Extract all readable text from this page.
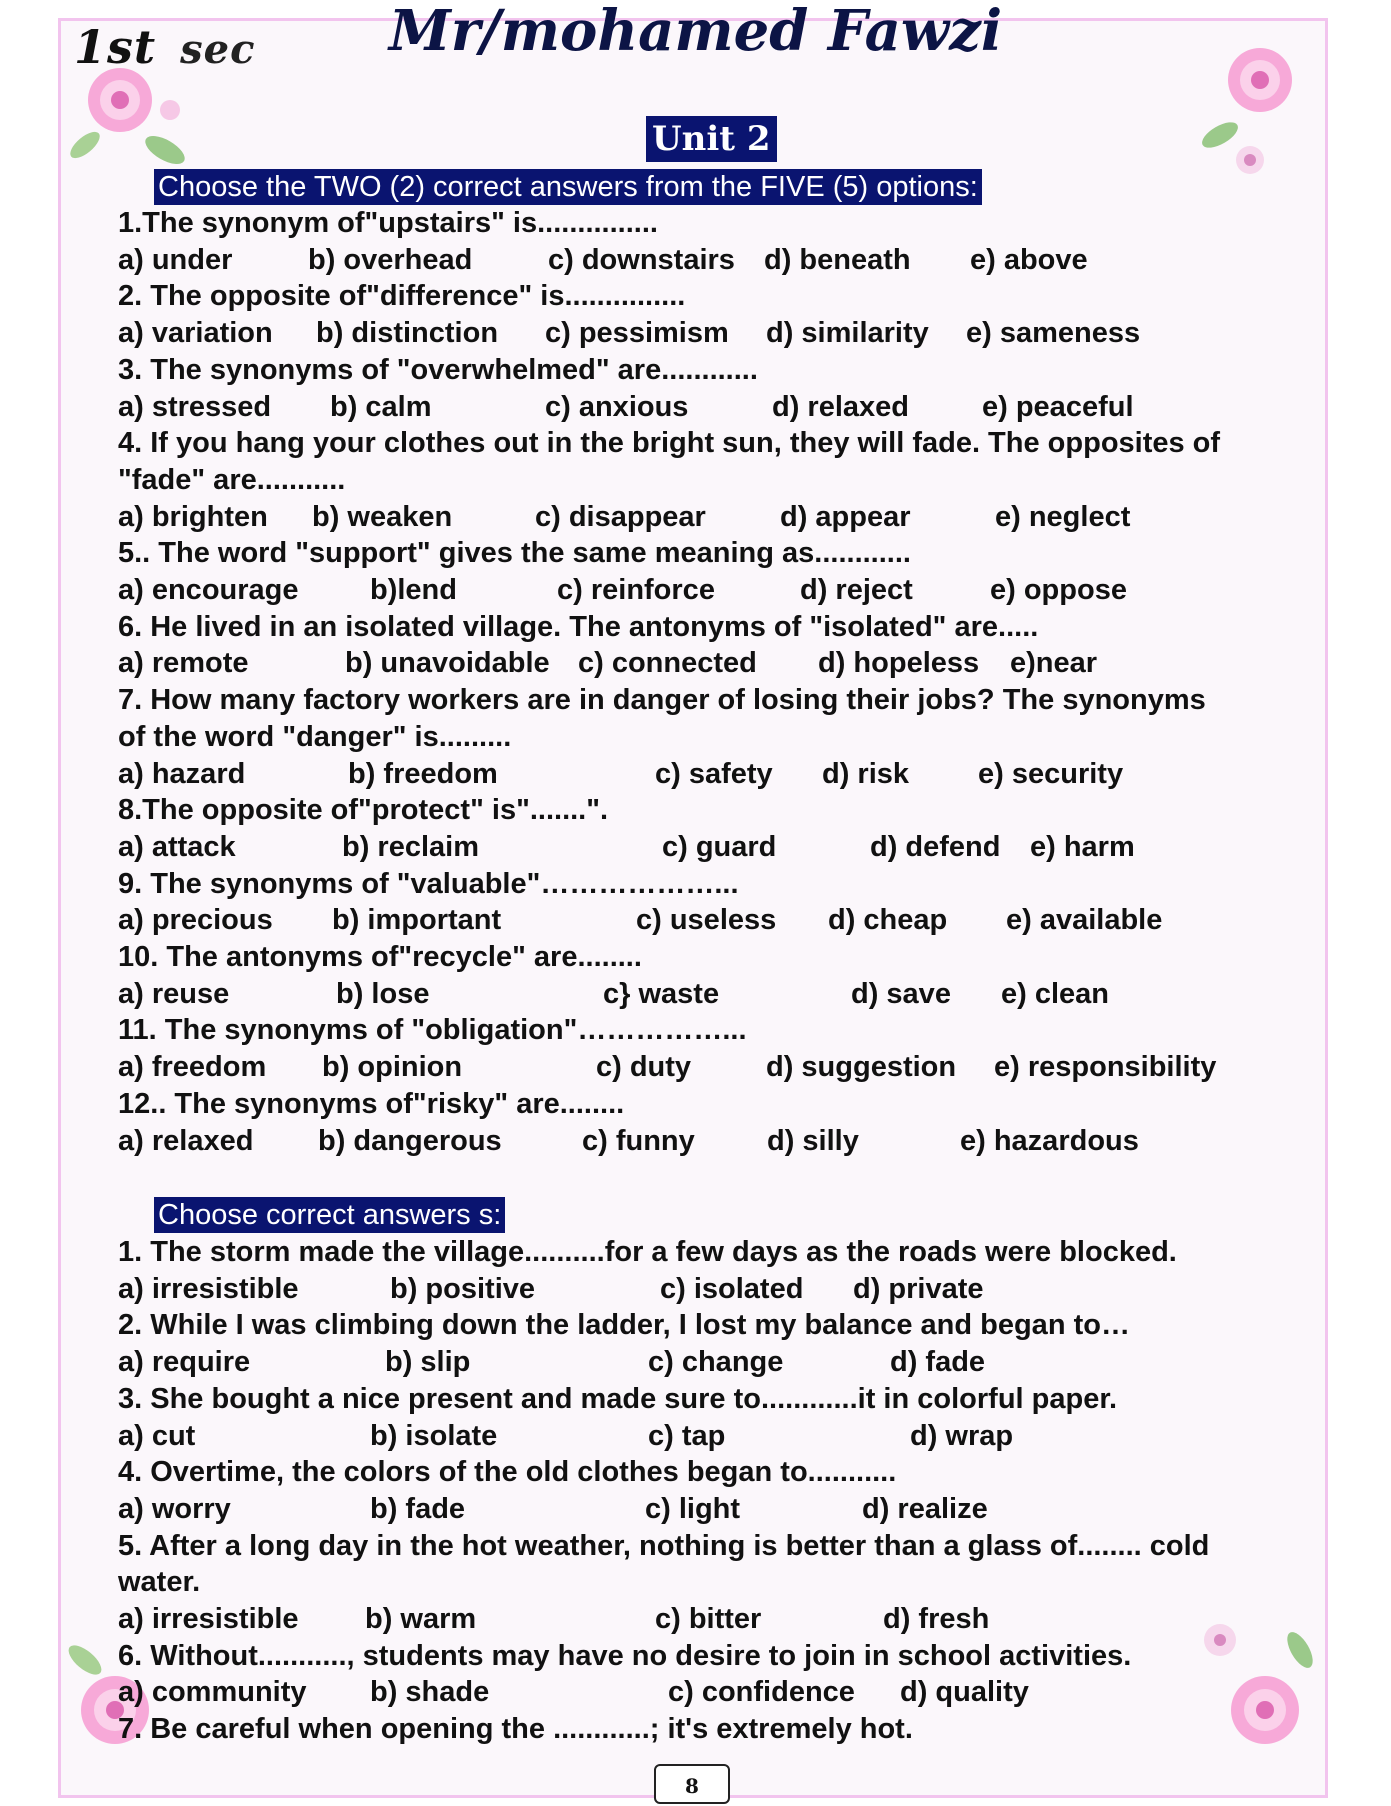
1st sec	Mr/mohamed Fawzi
Unit 2
Choose the TWO (2) correct answers from the FIVE (5) options:
1.The synonym of"upstairs" is...............
a) under	b) overhead	c) downstairs d) beneath e) above
2. The opposite of"difference" is...............
a) variation b) distinction c) pessimism d) similarity e) sameness
3. The synonyms of "overwhelmed" are............
a) stressed b) calm	c) anxious	d) relaxed	e) peaceful
4. If you hang your clothes out in the bright sun, they will fade. The opposites of
"fade" are...........
a) brighten b) weaken	c) disappear	d) appear	e) neglect
5.. The word "support" gives the same meaning as............
a) encourage b)lend	c) reinforce	d) reject	e) oppose
6. He lived in an isolated village. The antonyms of "isolated" are.....
a) remote	b) unavoidable c) connected d) hopeless e)near
7. How many factory workers are in danger of losing their jobs? The synonyms
of the word "danger" is.........
a) hazard	b) freedom	c) safety d) risk e) security
8.The opposite of"protect" is".......".
a) attack	b) reclaim	c) guard	d) defend e) harm
9. The synonyms of "valuable"………………...
a) precious b) important	c) useless d) cheap e) available
10. The antonyms of"recycle" are........
a) reuse	b) lose	c} waste	d) save e) clean
11. The synonyms of "obligation"……………...
a) freedom b) opinion	c) duty	d) suggestion e) responsibility
12.. The synonyms of"risky" are........
a) relaxed b) dangerous	c) funny d) silly	e) hazardous
Choose correct answers s:
1. The storm made the village..........for a few days as the roads were blocked.
a) irresistible	b) positive	c) isolated d) private
2. While I was climbing down the ladder, I lost my balance and began to…
a) require	b) slip	c) change	d) fade
3. She bought a nice present and made sure to............it in colorful paper.
a) cut	b) isolate	c) tap	d) wrap
4. Overtime, the colors of the old clothes began to...........
a) worry	b) fade	c) light	d) realize
5. After a long day in the hot weather, nothing is better than a glass of........ cold
water.
a) irresistible b) warm	c) bitter	d) fresh
6. Without..........., students may have no desire to join in school activities.
a) community b) shade	c) confidence d) quality
7. Be careful when opening the ............; it's extremely hot.
8
